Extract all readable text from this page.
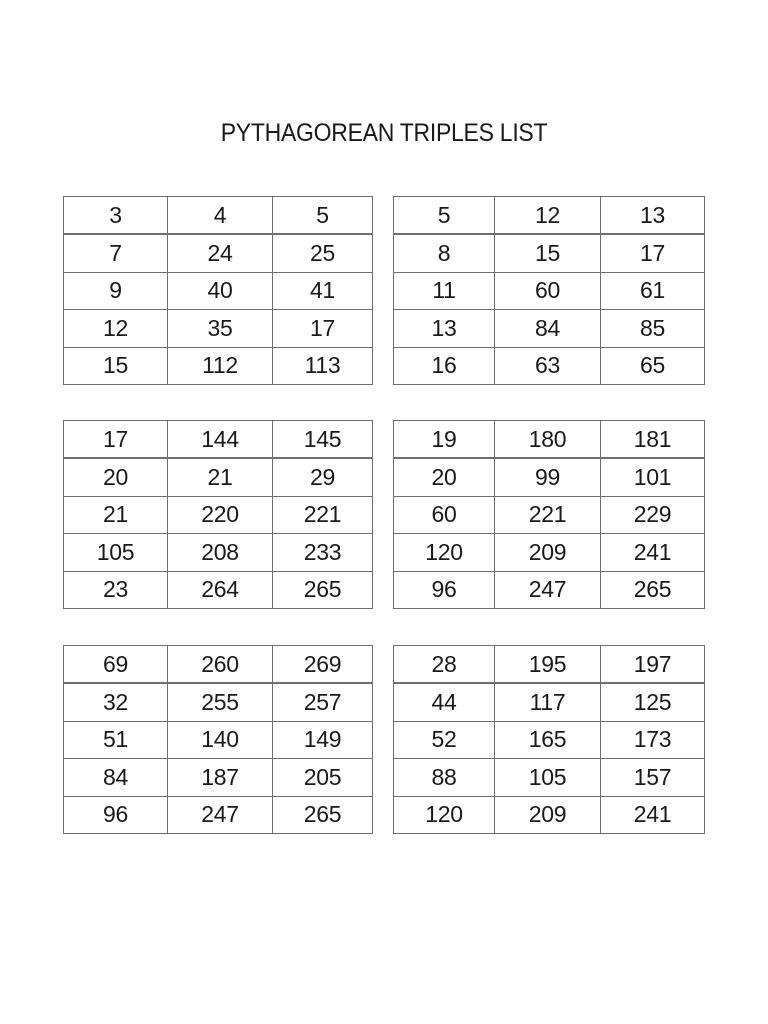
PYTHAGOREAN TRIPLES LIST
3	4	5
7	24	25
9	40	41
12	35	17
15	112	113
5	12	13
8	15	17
11	60	61
13	84	85
16	63	65
17	144	145
20	21	29
21	220	221
105	208	233
23	264	265
19	180	181
20	99	101
60	221	229
120	209	241
96	247	265
69	260	269
32	255	257
51	140	149
84	187	205
96	247	265
28	195	197
44	117	125
52	165	173
88	105	157
120	209	241
